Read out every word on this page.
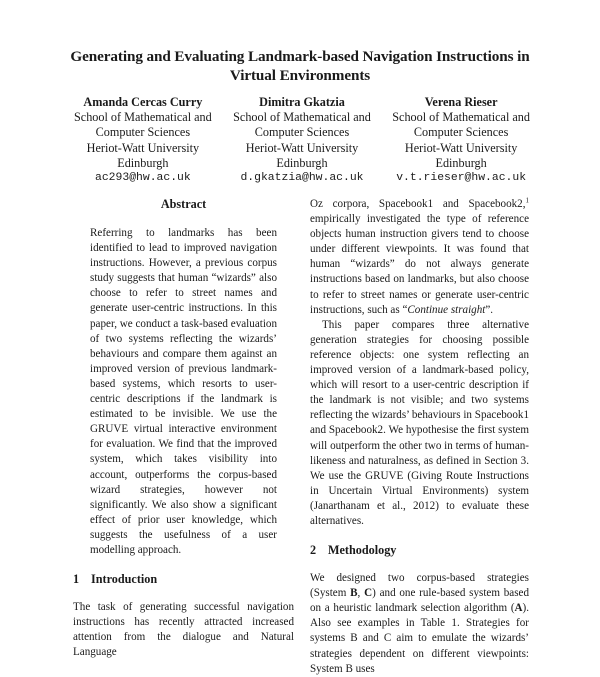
Generating and Evaluating Landmark-based Navigation Instructions in Virtual Environments
Amanda Cercas Curry
School of Mathematical and
Computer Sciences
Heriot-Watt University
Edinburgh
ac293@hw.ac.uk
Dimitra Gkatzia
School of Mathematical and
Computer Sciences
Heriot-Watt University
Edinburgh
d.gkatzia@hw.ac.uk
Verena Rieser
School of Mathematical and
Computer Sciences
Heriot-Watt University
Edinburgh
v.t.rieser@hw.ac.uk
Abstract

Referring to landmarks has been identified to lead to improved navigation instructions. However, a previous corpus study suggests that human “wizards” also choose to refer to street names and generate user-centric instructions. In this paper, we conduct a task-based evaluation of two systems reflecting the wizards’ behaviours and compare them against an improved version of previous landmark-based systems, which resorts to user-centric descriptions if the landmark is estimated to be invisible. We use the GRUVE virtual interactive environment for evaluation. We find that the improved system, which takes visibility into account, outperforms the corpus-based wizard strategies, however not significantly. We also show a significant effect of prior user knowledge, which suggests the usefulness of a user modelling approach.

1 Introduction

The task of generating successful navigation instructions has recently attracted increased attention from the dialogue and Natural Language

Oz corpora, Spacebook1 and Spacebook2,$^1$ empirically investigated the type of reference objects human instruction givers tend to choose under different viewpoints. It was found that human “wizards” do not always generate instructions based on landmarks, but also choose to refer to street names or generate user-centric instructions, such as “Continue straight”.

This paper compares three alternative generation strategies for choosing possible reference objects: one system reflecting an improved version of a landmark-based policy, which will resort to a user-centric description if the landmark is not visible; and two systems reflecting the wizards’ behaviours in Spacebook1 and Spacebook2. We hypothesise the first system will outperform the other two in terms of human-likeness and naturalness, as defined in Section 3. We use the GRUVE (Giving Route Instructions in Uncertain Virtual Environments) system (Janarthanam et al., 2012) to evaluate these alternatives.

2 Methodology

We designed two corpus-based strategies (System B, C) and one rule-based system based on a heuristic landmark selection algorithm (A). Also see examples in Table 1. Strategies for systems B and C aim to emulate the wizards’ strategies dependent on different viewpoints: System B uses
